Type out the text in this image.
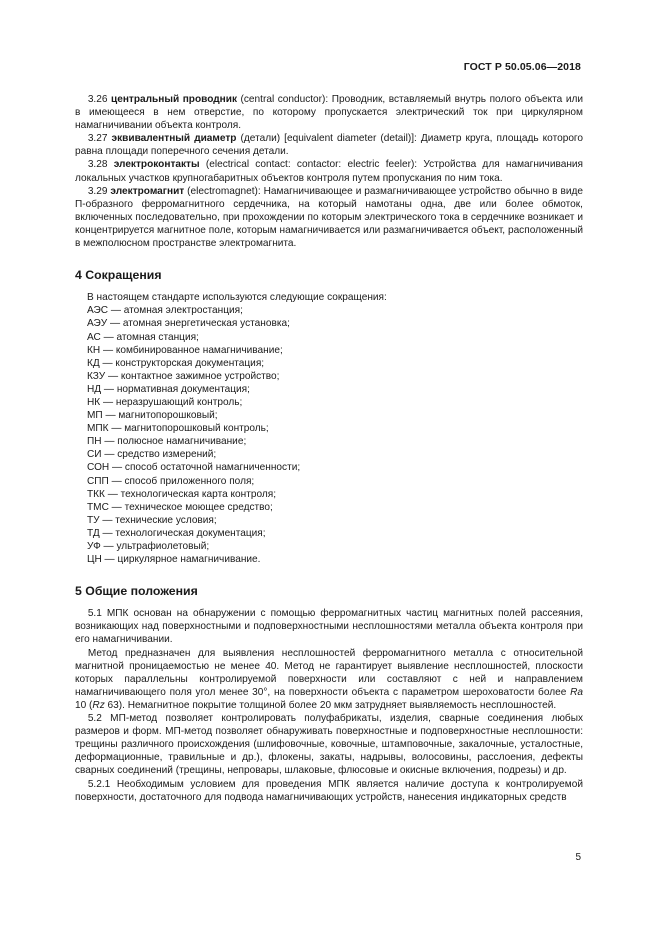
ГОСТ Р 50.05.06—2018

3.26 центральный проводник (central conductor): Проводник, вставляемый внутрь полого объекта или в имеющееся в нем отверстие, по которому пропускается электрический ток при циркулярном намагничивании объекта контроля.

3.27 эквивалентный диаметр (детали) [equivalent diameter (detail)]: Диаметр круга, площадь которого равна площади поперечного сечения детали.

3.28 электроконтакты (electrical contact: contactor: electric feeler): Устройства для намагничивания локальных участков крупногабаритных объектов контроля путем пропускания по ним тока.

3.29 электромагнит (electromagnet): Намагничивающее и размагничивающее устройство обычно в виде П-образного ферромагнитного сердечника, на который намотаны одна, две или более обмоток, включенных последовательно, при прохождении по которым электрического тока в сердечнике возникает и концентрируется магнитное поле, которым намагничивается или размагничивается объект, расположенный в межполюсном пространстве электромагнита.

4 Сокращения

В настоящем стандарте используются следующие сокращения:

АЭС — атомная электростанция;
АЭУ — атомная энергетическая установка;
АС — атомная станция;
КН — комбинированное намагничивание;
КД — конструкторская документация;
КЗУ — контактное зажимное устройство;
НД — нормативная документация;
НК — неразрушающий контроль;
МП — магнитопорошковый;
МПК — магнитопорошковый контроль;
ПН — полюсное намагничивание;
СИ — средство измерений;
СОН — способ остаточной намагниченности;
СПП — способ приложенного поля;
ТКК — технологическая карта контроля;
ТМС — техническое моющее средство;
ТУ — технические условия;
ТД — технологическая документация;
УФ — ультрафиолетовый;
ЦН — циркулярное намагничивание.
5 Общие положения

5.1 МПК основан на обнаружении с помощью ферромагнитных частиц магнитных полей рассеяния, возникающих над поверхностными и подповерхностными несплошностями металла объекта контроля при его намагничивании.

Метод предназначен для выявления несплошностей ферромагнитного металла с относительной магнитной проницаемостью не менее 40. Метод не гарантирует выявление несплошностей, плоскости которых параллельны контролируемой поверхности или составляют с ней и направлением намагничивающего поля угол менее 30°, на поверхности объекта с параметром шероховатости более Ra 10 (Rz 63). Немагнитное покрытие толщиной более 20 мкм затрудняет выявляемость несплошностей.

5.2 МП-метод позволяет контролировать полуфабрикаты, изделия, сварные соединения любых размеров и форм. МП-метод позволяет обнаруживать поверхностные и подповерхностные несплошности: трещины различного происхождения (шлифовочные, ковочные, штамповочные, закалочные, усталостные, деформационные, травильные и др.), флокены, закаты, надрывы, волосовины, расслоения, дефекты сварных соединений (трещины, непровары, шлаковые, флюсовые и окисные включения, подрезы) и др.

5.2.1 Необходимым условием для проведения МПК является наличие доступа к контролируемой поверхности, достаточного для подвода намагничивающих устройств, нанесения индикаторных средств

5
